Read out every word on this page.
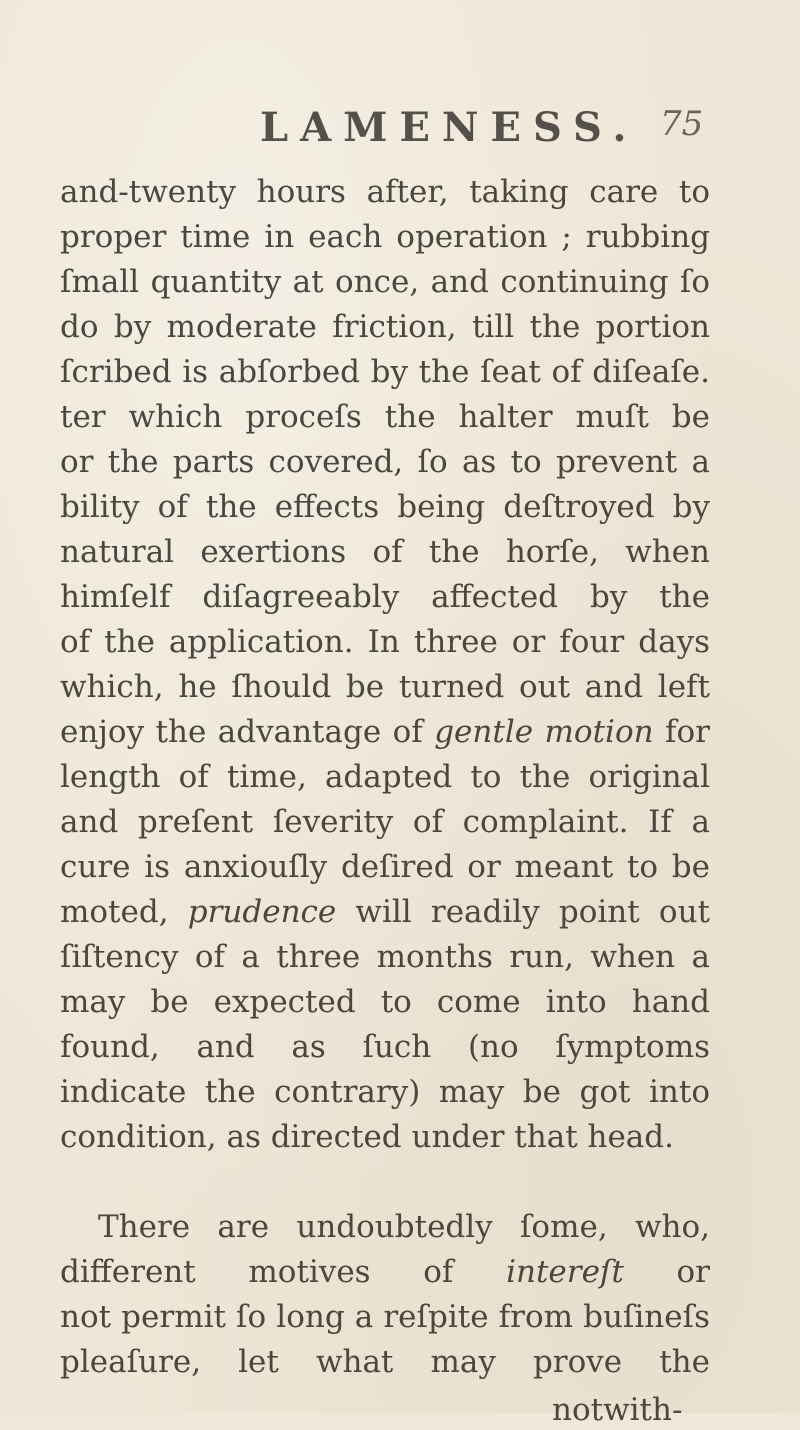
LAMENESS. 75
and-twenty hours after, taking care to
proper time in each operation ; rubbing
ſmall quantity at once, and continuing ſo
do by moderate friction, till the portion
ſcribed is abſorbed by the ſeat of diſeaſe.
ter which proceſs the halter muſt be
or the parts covered, ſo as to prevent a
bility of the effects being deſtroyed by
natural exertions of the horſe, when
himſelf diſagreeably affected by the
of the application. In three or four days
which, he ſhould be turned out and left
enjoy the advantage of gentle motion for
length of time, adapted to the original
and preſent ſeverity of complaint. If a
cure is anxiouſly deſired or meant to be
moted, prudence will readily point out
ſiſtency of a three months run, when a
may be expected to come into hand
found, and as ſuch (no ſymptoms
indicate the contrary) may be got into
condition, as directed under that head.
There are undoubtedly ſome, who,
different motives of intereſt or
not permit ſo long a reſpite from buſineſs
pleaſure, let what may prove the
notwith-
